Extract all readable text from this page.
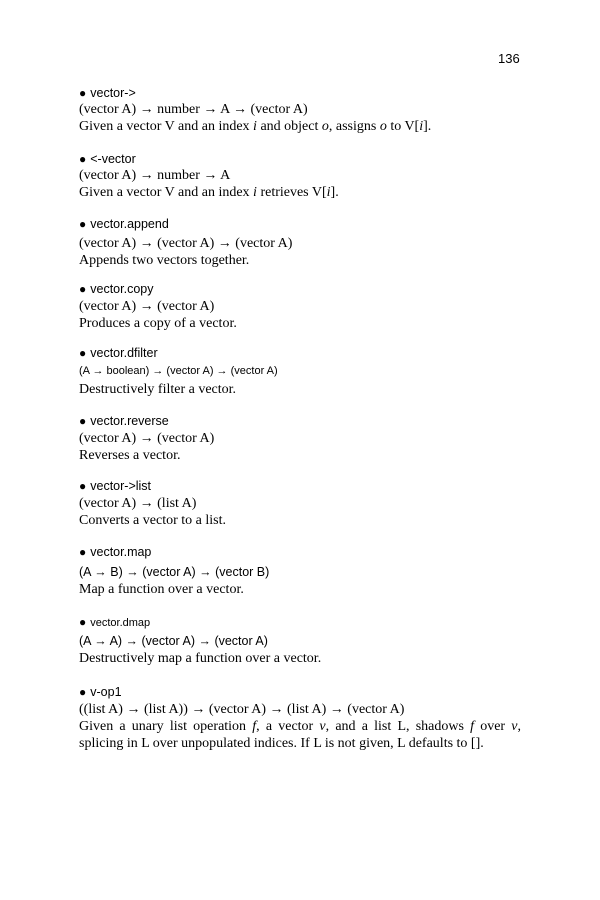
136
● vector->
(vector A) → number → A → (vector A)
Given a vector V and an index i and object o, assigns o to V[i].
● <-vector
(vector A) → number → A
Given a vector V and an index i retrieves V[i].
● vector.append
(vector A) → (vector A) → (vector A)
Appends two vectors together.
● vector.copy
(vector A) → (vector A)
Produces a copy of a vector.
● vector.dfilter
(A → boolean) → (vector A) → (vector A)
Destructively filter a vector.
● vector.reverse
(vector A) → (vector A)
Reverses a vector.
● vector->list
(vector A) → (list A)
Converts a vector to a list.
● vector.map
(A → B) → (vector A) → (vector B)
Map a function over a vector.
● vector.dmap
(A → A) → (vector A) → (vector A)
Destructively map a function over a vector.
● v-op1
((list A) → (list A)) → (vector A) → (list A) → (vector A)
Given a unary list operation f, a vector v, and a list L, shadows f over v, splicing in L over unpopulated indices. If L is not given, L defaults to [].
